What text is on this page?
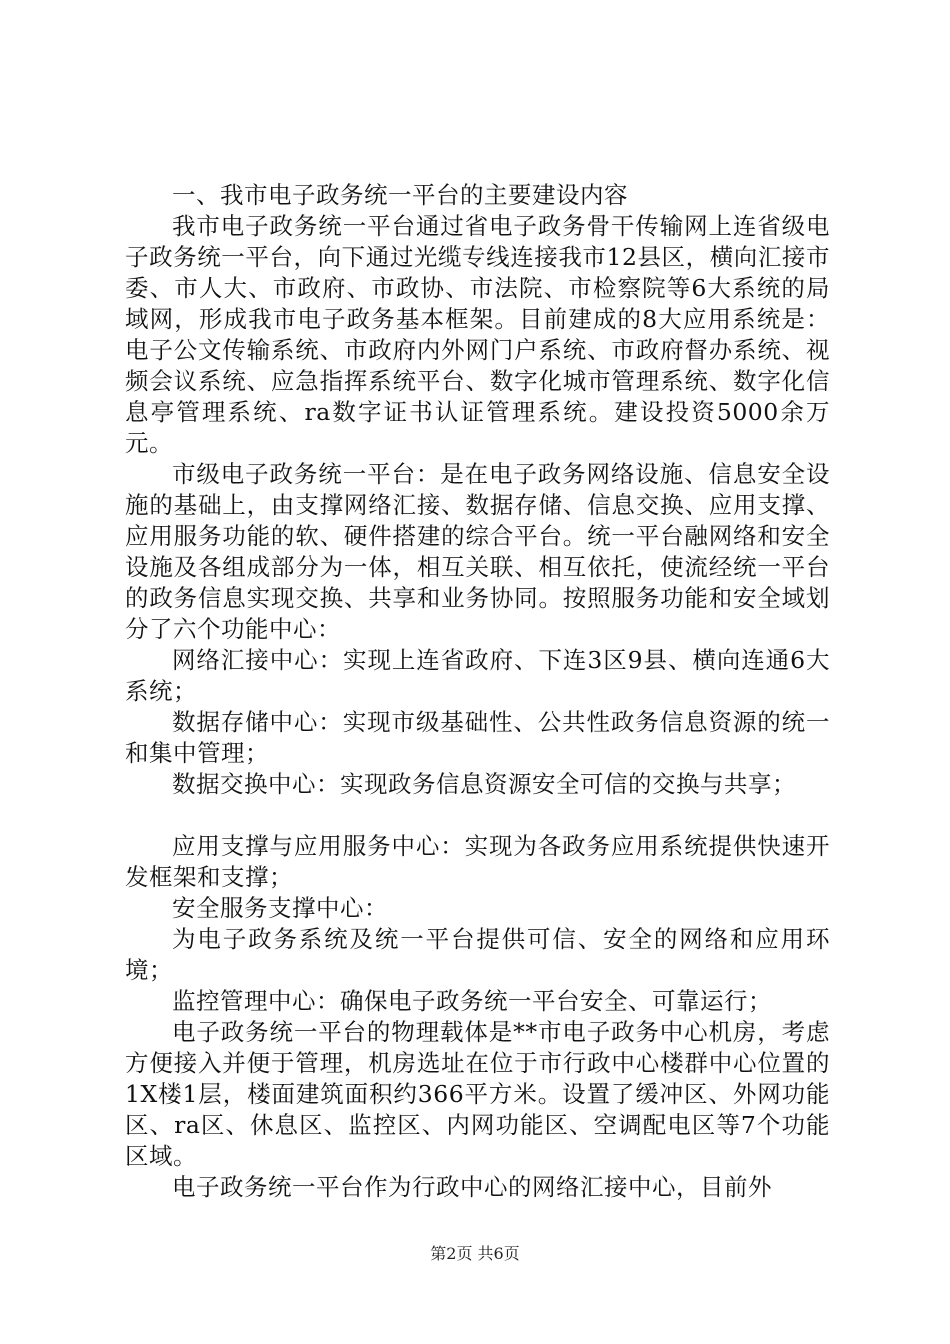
一、我市电子政务统一平台的主要建设内容

我市电子政务统一平台通过省电子政务骨干传输网上连省级电子政务统一平台，向下通过光缆专线连接我市12县区，横向汇接市委、市人大、市政府、市政协、市法院、市检察院等6大系统的局域网，形成我市电子政务基本框架。目前建成的8大应用系统是：电子公文传输系统、市政府内外网门户系统、市政府督办系统、视频会议系统、应急指挥系统平台、数字化城市管理系统、数字化信息亭管理系统、ra数字证书认证管理系统。建设投资5000余万元。

市级电子政务统一平台：是在电子政务网络设施、信息安全设施的基础上，由支撑网络汇接、数据存储、信息交换、应用支撑、应用服务功能的软、硬件搭建的综合平台。统一平台融网络和安全设施及各组成部分为一体，相互关联、相互依托，使流经统一平台的政务信息实现交换、共享和业务协同。按照服务功能和安全域划分了六个功能中心：

网络汇接中心：实现上连省政府、下连3区9县、横向连通6大系统；

数据存储中心：实现市级基础性、公共性政务信息资源的统一和集中管理；

数据交换中心：实现政务信息资源安全可信的交换与共享；

应用支撑与应用服务中心：实现为各政务应用系统提供快速开发框架和支撑；

安全服务支撑中心：

为电子政务系统及统一平台提供可信、安全的网络和应用环境；

监控管理中心：确保电子政务统一平台安全、可靠运行；

电子政务统一平台的物理载体是**市电子政务中心机房，考虑方便接入并便于管理，机房选址在位于市行政中心楼群中心位置的1X楼1层，楼面建筑面积约366平方米。设置了缓冲区、外网功能区、ra区、休息区、监控区、内网功能区、空调配电区等7个功能区域。

电子政务统一平台作为行政中心的网络汇接中心，目前外

第2页 共6页
